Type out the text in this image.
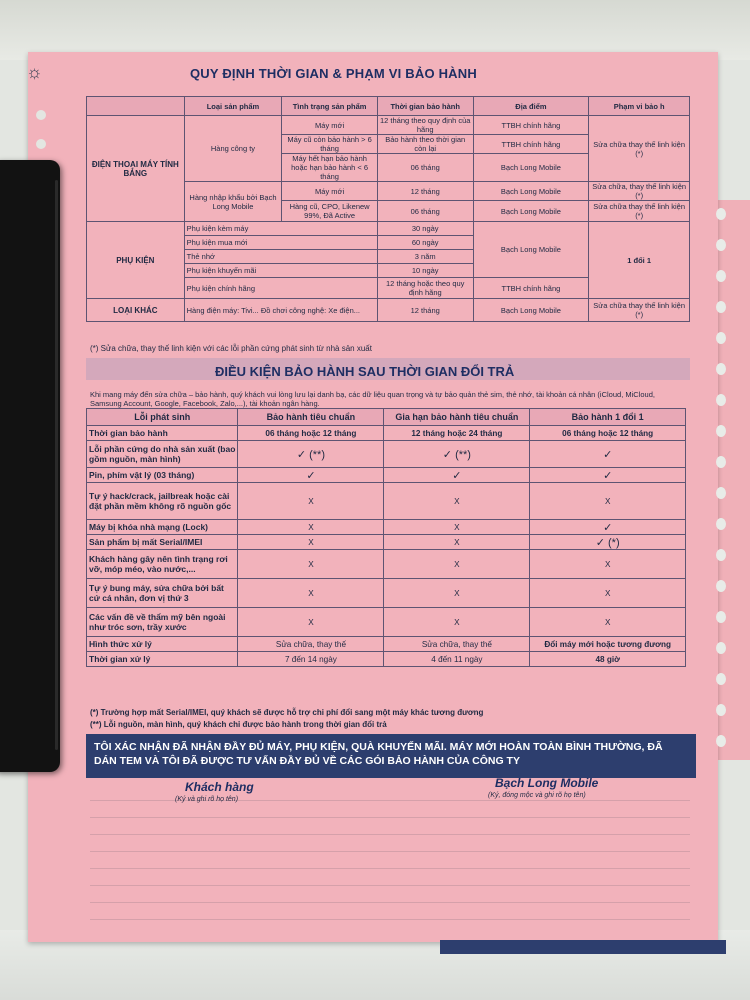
☼	QUY ĐỊNH THỜI GIAN & PHẠM VI BẢO HÀNH
	Loại sản phẩm	Tình trạng sản phẩm	Thời gian bảo hành	Địa điểm	Phạm vi bảo h
ĐIỆN THOẠI MÁY TÍNH BẢNG	Hàng công ty	Máy mới	12 tháng theo quy định của hãng	TTBH chính hãng	Sửa chữa thay thế linh kiện (*)
		Máy cũ còn bảo hành > 6 tháng	Bảo hành theo thời gian còn lại	TTBH chính hãng	
		Máy hết hạn bảo hành hoặc hạn bảo hành < 6 tháng	06 tháng	Bạch Long Mobile	
	Hàng nhập khẩu bởi Bạch Long Mobile	Máy mới	12 tháng	Bạch Long Mobile	Sửa chữa, thay thế linh kiện (*)
		Hàng cũ, CPO, Likenew 99%, Đã Active	06 tháng	Bạch Long Mobile	Sửa chữa thay thế linh kiện (*)
PHỤ KIỆN	Phụ kiện kèm máy		30 ngày	Bạch Long Mobile	1 đổi 1
	Phụ kiện mua mới		60 ngày		
	Thẻ nhớ		3 năm		
	Phụ kiện khuyến mãi		10 ngày		
	Phụ kiện chính hãng		12 tháng hoặc theo quy định hãng	TTBH chính hãng	
LOẠI KHÁC	Hàng điện máy: Tivi... Đồ chơi công nghệ: Xe điện...		12 tháng	Bạch Long Mobile	Sửa chữa thay thế linh kiện (*)
(*) Sửa chữa, thay thế linh kiện với các lỗi phần cứng phát sinh từ nhà sản xuất
ĐIỀU KIỆN BẢO HÀNH SAU THỜI GIAN ĐỔI TRẢ
Khi mang máy đến sửa chữa – bảo hành, quý khách vui lòng lưu lại danh bạ, các dữ liệu quan trọng và tự bảo quản thẻ sim, thẻ nhớ, tài khoản cá nhân (iCloud, MiCloud, Samsung Account, Google, Facebook, Zalo,...), tài khoản ngân hàng.
Lỗi phát sinh	Bảo hành tiêu chuẩn	Gia hạn bảo hành tiêu chuẩn	Bảo hành 1 đổi 1
Thời gian bảo hành	06 tháng hoặc 12 tháng	12 tháng hoặc 24 tháng	06 tháng hoặc 12 tháng
Lỗi phần cứng do nhà sản xuất (bao gồm nguồn, màn hình)	✓ (**)	✓ (**)	✓
Pin, phím vật lý (03 tháng)	✓	✓	✓
Tự ý hack/crack, jailbreak hoặc cài đặt phần mềm không rõ nguồn gốc	X	X	X
Máy bị khóa nhà mạng (Lock)	X	X	✓
Sản phẩm bị mất Serial/IMEI	X	X	✓ (*)
Khách hàng gây nên tình trạng rơi vỡ, móp méo, vào nước,...	X	X	X
Tự ý bung máy, sửa chữa bởi bất cứ cá nhân, đơn vị thứ 3	X	X	X
Các vấn đề về thẩm mỹ bên ngoài như tróc sơn, trầy xước	X	X	X
Hình thức xử lý	Sửa chữa, thay thế	Sửa chữa, thay thế	Đổi máy mới hoặc tương đương
Thời gian xử lý	7 đến 14 ngày	4 đến 11 ngày	48 giờ
(*) Trường hợp mất Serial/IMEI, quý khách sẽ được hỗ trợ chi phí đổi sang một máy khác tương đương
(**) Lỗi nguồn, màn hình, quý khách chỉ được bảo hành trong thời gian đổi trả
TÔI XÁC NHẬN ĐÃ NHẬN ĐẦY ĐỦ MÁY, PHỤ KIỆN, QUÀ KHUYẾN MÃI. MÁY MỚI HOÀN TOÀN BÌNH THƯỜNG, ĐÃ DÁN TEM VÀ TÔI ĐÃ ĐƯỢC TƯ VẤN ĐẦY ĐỦ VỀ CÁC GÓI BẢO HÀNH CỦA CÔNG TY
Khách hàng
(Ký và ghi rõ họ tên)
Bạch Long Mobile
(Ký, đóng mộc và ghi rõ họ tên)
